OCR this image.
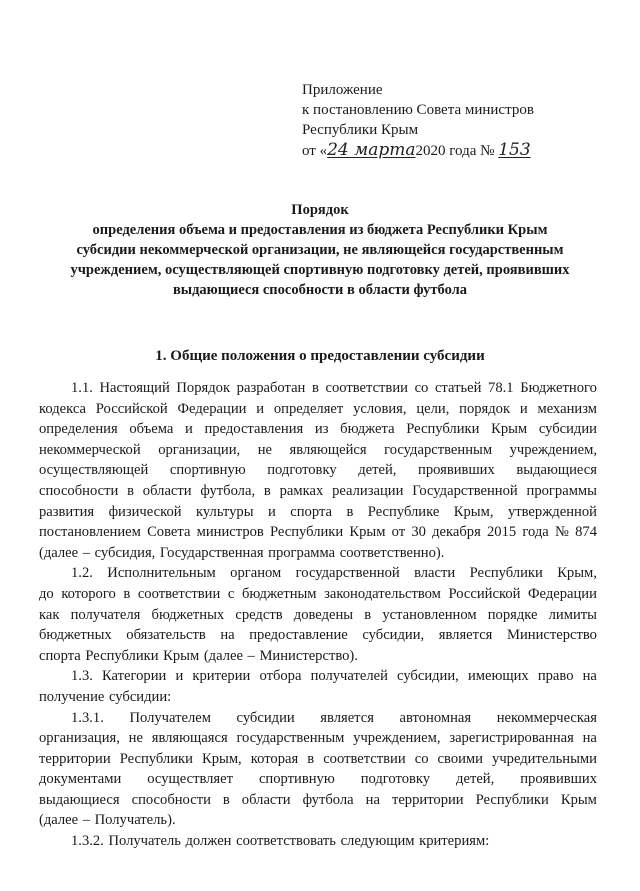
Приложение
к постановлению Совета министров
Республики Крым
от «24 марта2020 года № 153
Порядок
определения объема и предоставления из бюджета Республики Крым
субсидии некоммерческой организации, не являющейся государственным
учреждением, осуществляющей спортивную подготовку детей, проявивших
выдающиеся способности в области футбола
1. Общие положения о предоставлении субсидии
1.1. Настоящий Порядок разработан в соответствии со статьей 78.1 Бюджетного
кодекса Российской Федерации и определяет условия, цели, порядок и механизм
определения объема и предоставления из бюджета Республики Крым субсидии
некоммерческой организации, не являющейся государственным учреждением,
осуществляющей спортивную подготовку детей, проявивших выдающиеся
способности в области футбола, в рамках реализации Государственной программы
развития физической культуры и спорта в Республике Крым, утвержденной
постановлением Совета министров Республики Крым от 30 декабря 2015 года № 874
(далее – субсидия, Государственная программа соответственно).
1.2. Исполнительным органом государственной власти Республики Крым,
до которого в соответствии с бюджетным законодательством Российской Федерации
как получателя бюджетных средств доведены в установленном порядке лимиты
бюджетных обязательств на предоставление субсидии, является Министерство
спорта Республики Крым (далее – Министерство).
1.3. Категории и критерии отбора получателей субсидии, имеющих право на
получение субсидии:
1.3.1. Получателем субсидии является автономная некоммерческая
организация, не являющаяся государственным учреждением, зарегистрированная на
территории Республики Крым, которая в соответствии со своими учредительными
документами осуществляет спортивную подготовку детей, проявивших
выдающиеся способности в области футбола на территории Республики Крым
(далее – Получатель).
1.3.2. Получатель должен соответствовать следующим критериям:
